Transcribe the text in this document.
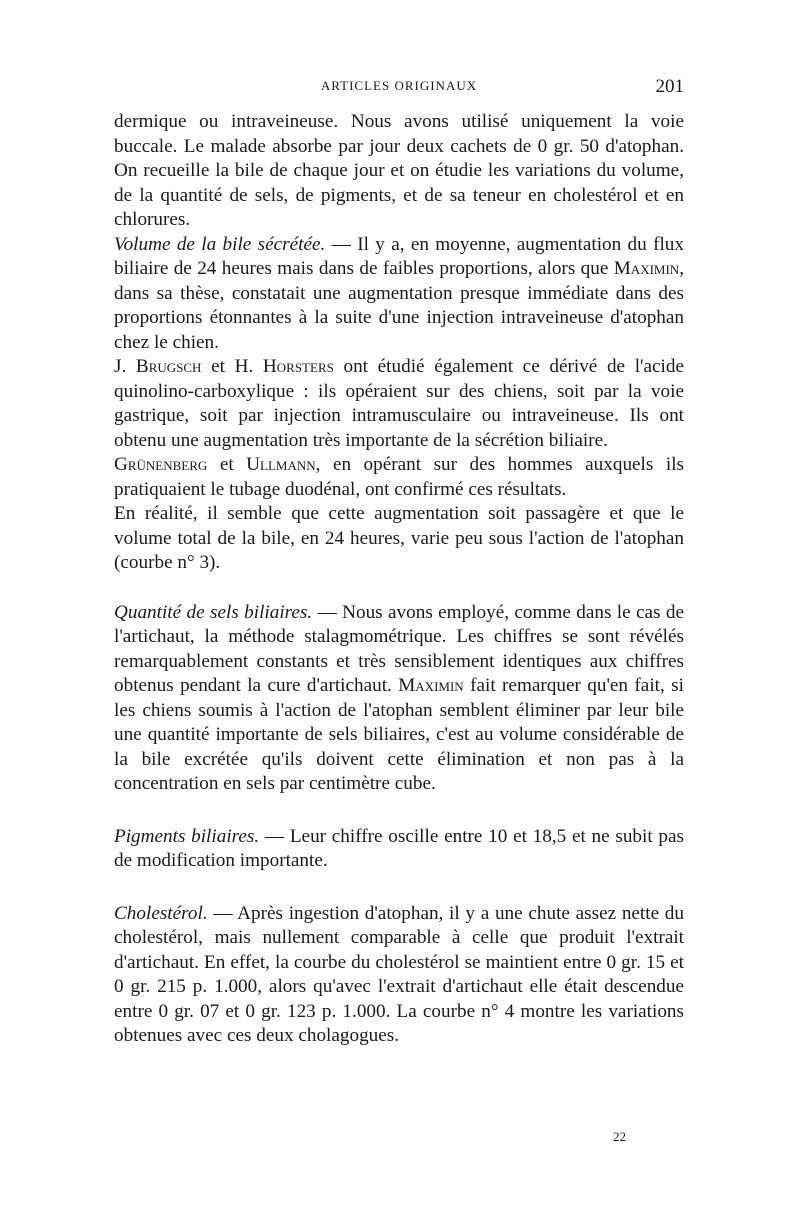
ARTICLES ORIGINAUX	201

dermique ou intraveineuse. Nous avons utilisé uniquement la voie buccale. Le malade absorbe par jour deux cachets de 0 gr. 50 d'atophan. On recueille la bile de chaque jour et on étudie les variations du volume, de la quantité de sels, de pigments, et de sa teneur en cholestérol et en chlorures.

Volume de la bile sécrétée. — Il y a, en moyenne, augmentation du flux biliaire de 24 heures mais dans de faibles proportions, alors que Maximin, dans sa thèse, constatait une augmentation presque immédiate dans des proportions étonnantes à la suite d'une injection intraveineuse d'atophan chez le chien.

J. Brugsch et H. Horsters ont étudié également ce dérivé de l'acide quinolino-carboxylique : ils opéraient sur des chiens, soit par la voie gastrique, soit par injection intramusculaire ou intraveineuse. Ils ont obtenu une augmentation très importante de la sécrétion biliaire.

Grünenberg et Ullmann, en opérant sur des hommes auxquels ils pratiquaient le tubage duodénal, ont confirmé ces résultats.

En réalité, il semble que cette augmentation soit passagère et que le volume total de la bile, en 24 heures, varie peu sous l'action de l'atophan (courbe n° 3).

Quantité de sels biliaires. — Nous avons employé, comme dans le cas de l'artichaut, la méthode stalagmométrique. Les chiffres se sont révélés remarquablement constants et très sensiblement identiques aux chiffres obtenus pendant la cure d'artichaut. Maximin fait remarquer qu'en fait, si les chiens soumis à l'action de l'atophan semblent éliminer par leur bile une quantité importante de sels biliaires, c'est au volume considérable de la bile excrétée qu'ils doivent cette élimination et non pas à la concentration en sels par centimètre cube.

Pigments biliaires. — Leur chiffre oscille entre 10 et 18,5 et ne subit pas de modification importante.

Cholestérol. — Après ingestion d'atophan, il y a une chute assez nette du cholestérol, mais nullement comparable à celle que produit l'extrait d'artichaut. En effet, la courbe du cholestérol se maintient entre 0 gr. 15 et 0 gr. 215 p. 1.000, alors qu'avec l'extrait d'artichaut elle était descendue entre 0 gr. 07 et 0 gr. 123 p. 1.000. La courbe n° 4 montre les variations obtenues avec ces deux cholagogues.

22
